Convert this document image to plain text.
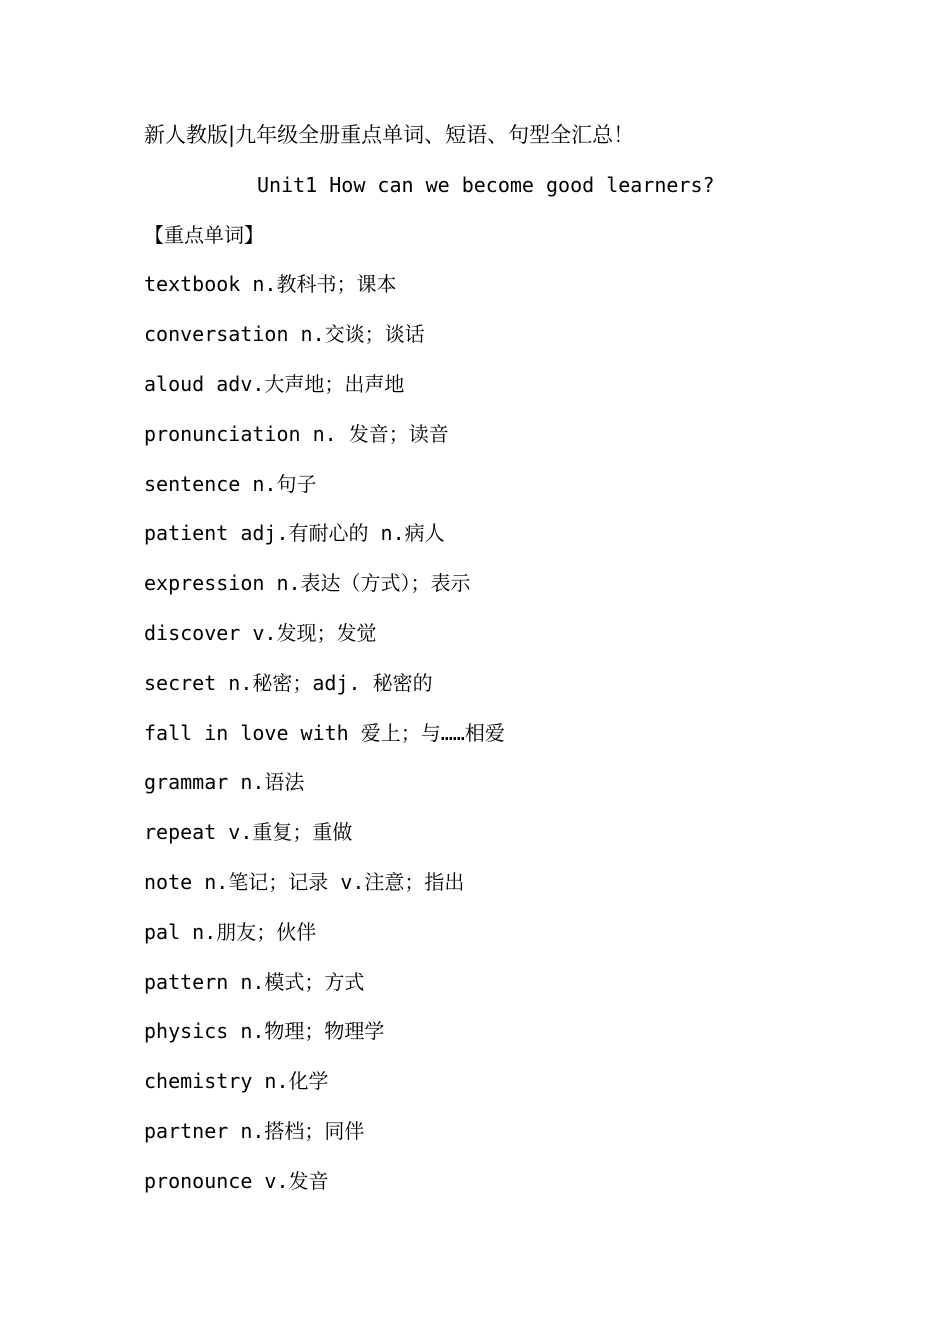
新人教版|九年级全册重点单词、短语、句型全汇总！
Unit1 How can we become good learners?
【重点单词】
textbook n.教科书；课本
conversation n.交谈；谈话
aloud adv.大声地；出声地
pronunciation n. 发音；读音
sentence n.句子
patient adj.有耐心的 n.病人
expression n.表达（方式）；表示
discover v.发现；发觉
secret n.秘密；adj. 秘密的
fall in love with 爱上；与……相爱
grammar n.语法
repeat v.重复；重做
note n.笔记；记录 v.注意；指出
pal n.朋友；伙伴
pattern n.模式；方式
physics n.物理；物理学
chemistry n.化学
partner n.搭档；同伴
pronounce v.发音
